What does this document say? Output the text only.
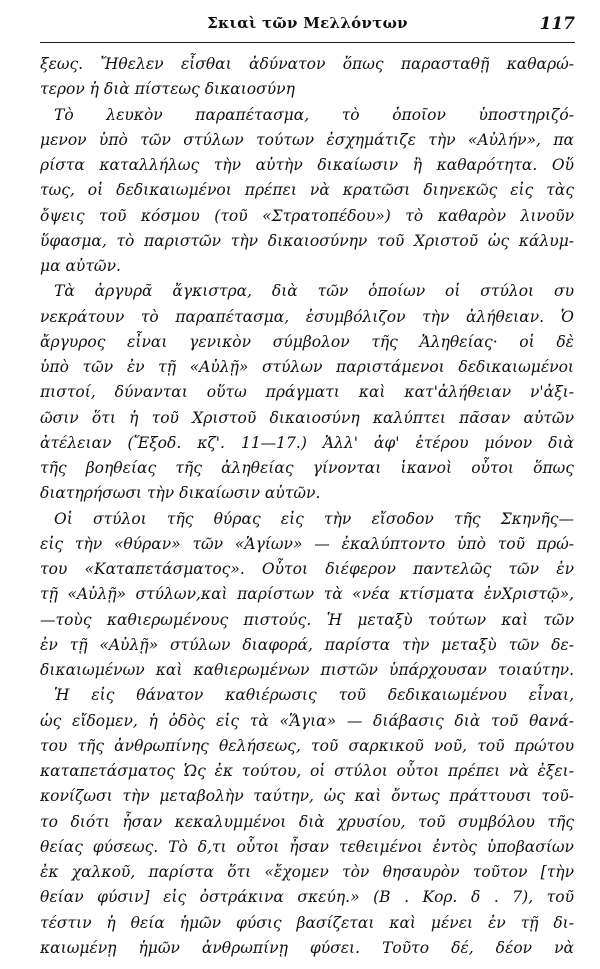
Σκιαὶ τῶν Μελλόντων	117
ξεως. Ἤθελεν εἶσθαι ἀδύνατον ὅπως παρασταθῇ καθαρώ-
τερον ἡ διὰ πίστεως δικαιοσύνη
Τὸ λευκὸν παραπέτασμα, τὸ ὁποῖον ὑποστηριζό-
μενον ὑπὸ τῶν στύλων τούτων ἐσχημάτιζε τὴν «Αὐλήν», πα
ρίστα καταλλήλως τὴν αὐτὴν δικαίωσιν ἢ καθαρότητα. Οὕ
τως, οἱ δεδικαιωμένοι πρέπει νὰ κρατῶσι διηνεκῶς εἰς τὰς
ὄψεις τοῦ κόσμου (τοῦ «Στρατοπέδου») τὸ καθαρὸν λινοῦν
ὕφασμα, τὸ παριστῶν τὴν δικαιοσύνην τοῦ Χριστοῦ ὡς κάλυμ-
μα αὐτῶν.
Τὰ ἀργυρᾶ ἄγκιστρα, διὰ τῶν ὁποίων οἱ στύλοι συ
νεκράτουν τὸ παραπέτασμα, ἐσυμβόλιζον τὴν ἀλήθειαν. Ὁ
ἄργυρος εἶναι γενικὸν σύμβολον τῆς Ἀληθείας· οἱ δὲ
ὑπὸ τῶν ἐν τῇ «Αὐλῇ» στύλων παριστάμενοι δεδικαιωμένοι
πιστοί, δύνανται οὕτω πράγματι καὶ κατ'ἀλήθειαν ν'ἀξι-
ῶσιν ὅτι ἡ τοῦ Χριστοῦ δικαιοσύνη καλύπτει πᾶσαν αὐτῶν
ἀτέλειαν (Ἔξοδ. κζ'. 11—17.) Ἀλλ' ἀφ' ἑτέρου μόνον διὰ
τῆς βοηθείας τῆς ἀληθείας γίνονται ἱκανοὶ οὗτοι ὅπως
διατηρήσωσι τὴν δικαίωσιν αὐτῶν.
Οἱ στύλοι τῆς θύρας εἰς τὴν εἴσοδον τῆς Σκηνῆς—
εἰς τὴν «θύραν» τῶν «Ἁγίων» — ἐκαλύπτοντο ὑπὸ τοῦ πρώ-
του «Καταπετάσματος». Οὗτοι διέφερον παντελῶς τῶν ἐν
τῇ «Αὐλῇ» στύλων,καὶ παρίστων τὰ «νέα κτίσματα ἐνΧριστῷ»,
—τοὺς καθιερωμένους πιστούς. Ἡ μεταξὺ τούτων καὶ τῶν
ἐν τῇ «Αὐλῇ» στύλων διαφορά, παρίστα τὴν μεταξὺ τῶν δε-
δικαιωμένων καὶ καθιερωμένων πιστῶν ὑπάρχουσαν τοιαύτην.
Ἡ εἰς θάνατον καθιέρωσις τοῦ δεδικαιωμένου εἶναι,
ὡς εἴδομεν, ἡ ὁδὸς εἰς τὰ «Ἅγια» — διάβασις διὰ τοῦ θανά-
του τῆς ἀνθρωπίνης θελήσεως, τοῦ σαρκικοῦ νοῦ, τοῦ πρώτου
καταπετάσματος Ὡς ἐκ τούτου, οἱ στύλοι οὗτοι πρέπει νὰ ἐξει-
κονίζωσι τὴν μεταβολὴν ταύτην, ὡς καὶ ὄντως πράττουσι τοῦ-
το διότι ἦσαν κεκαλυμμένοι διὰ χρυσίου, τοῦ συμβόλου τῆς
θείας φύσεως. Τὸ δ,τι οὗτοι ἦσαν τεθειμένοι ἐντὸς ὑποβασίων
ἐκ χαλκοῦ, παρίστα ὅτι «ἔχομεν τὸν θησαυρὸν τοῦτον [τὴν
θείαν φύσιν] εἰς ὀστράκινα σκεύη.» (Β . Κορ. δ . 7), τοῦ
τέστιν ἡ θεία ἡμῶν φύσις βασίζεται καὶ μένει ἐν τῇ δι-
καιωμένῃ ἡμῶν ἀνθρωπίνῃ φύσει. Τοῦτο δέ, δέον νὰ
